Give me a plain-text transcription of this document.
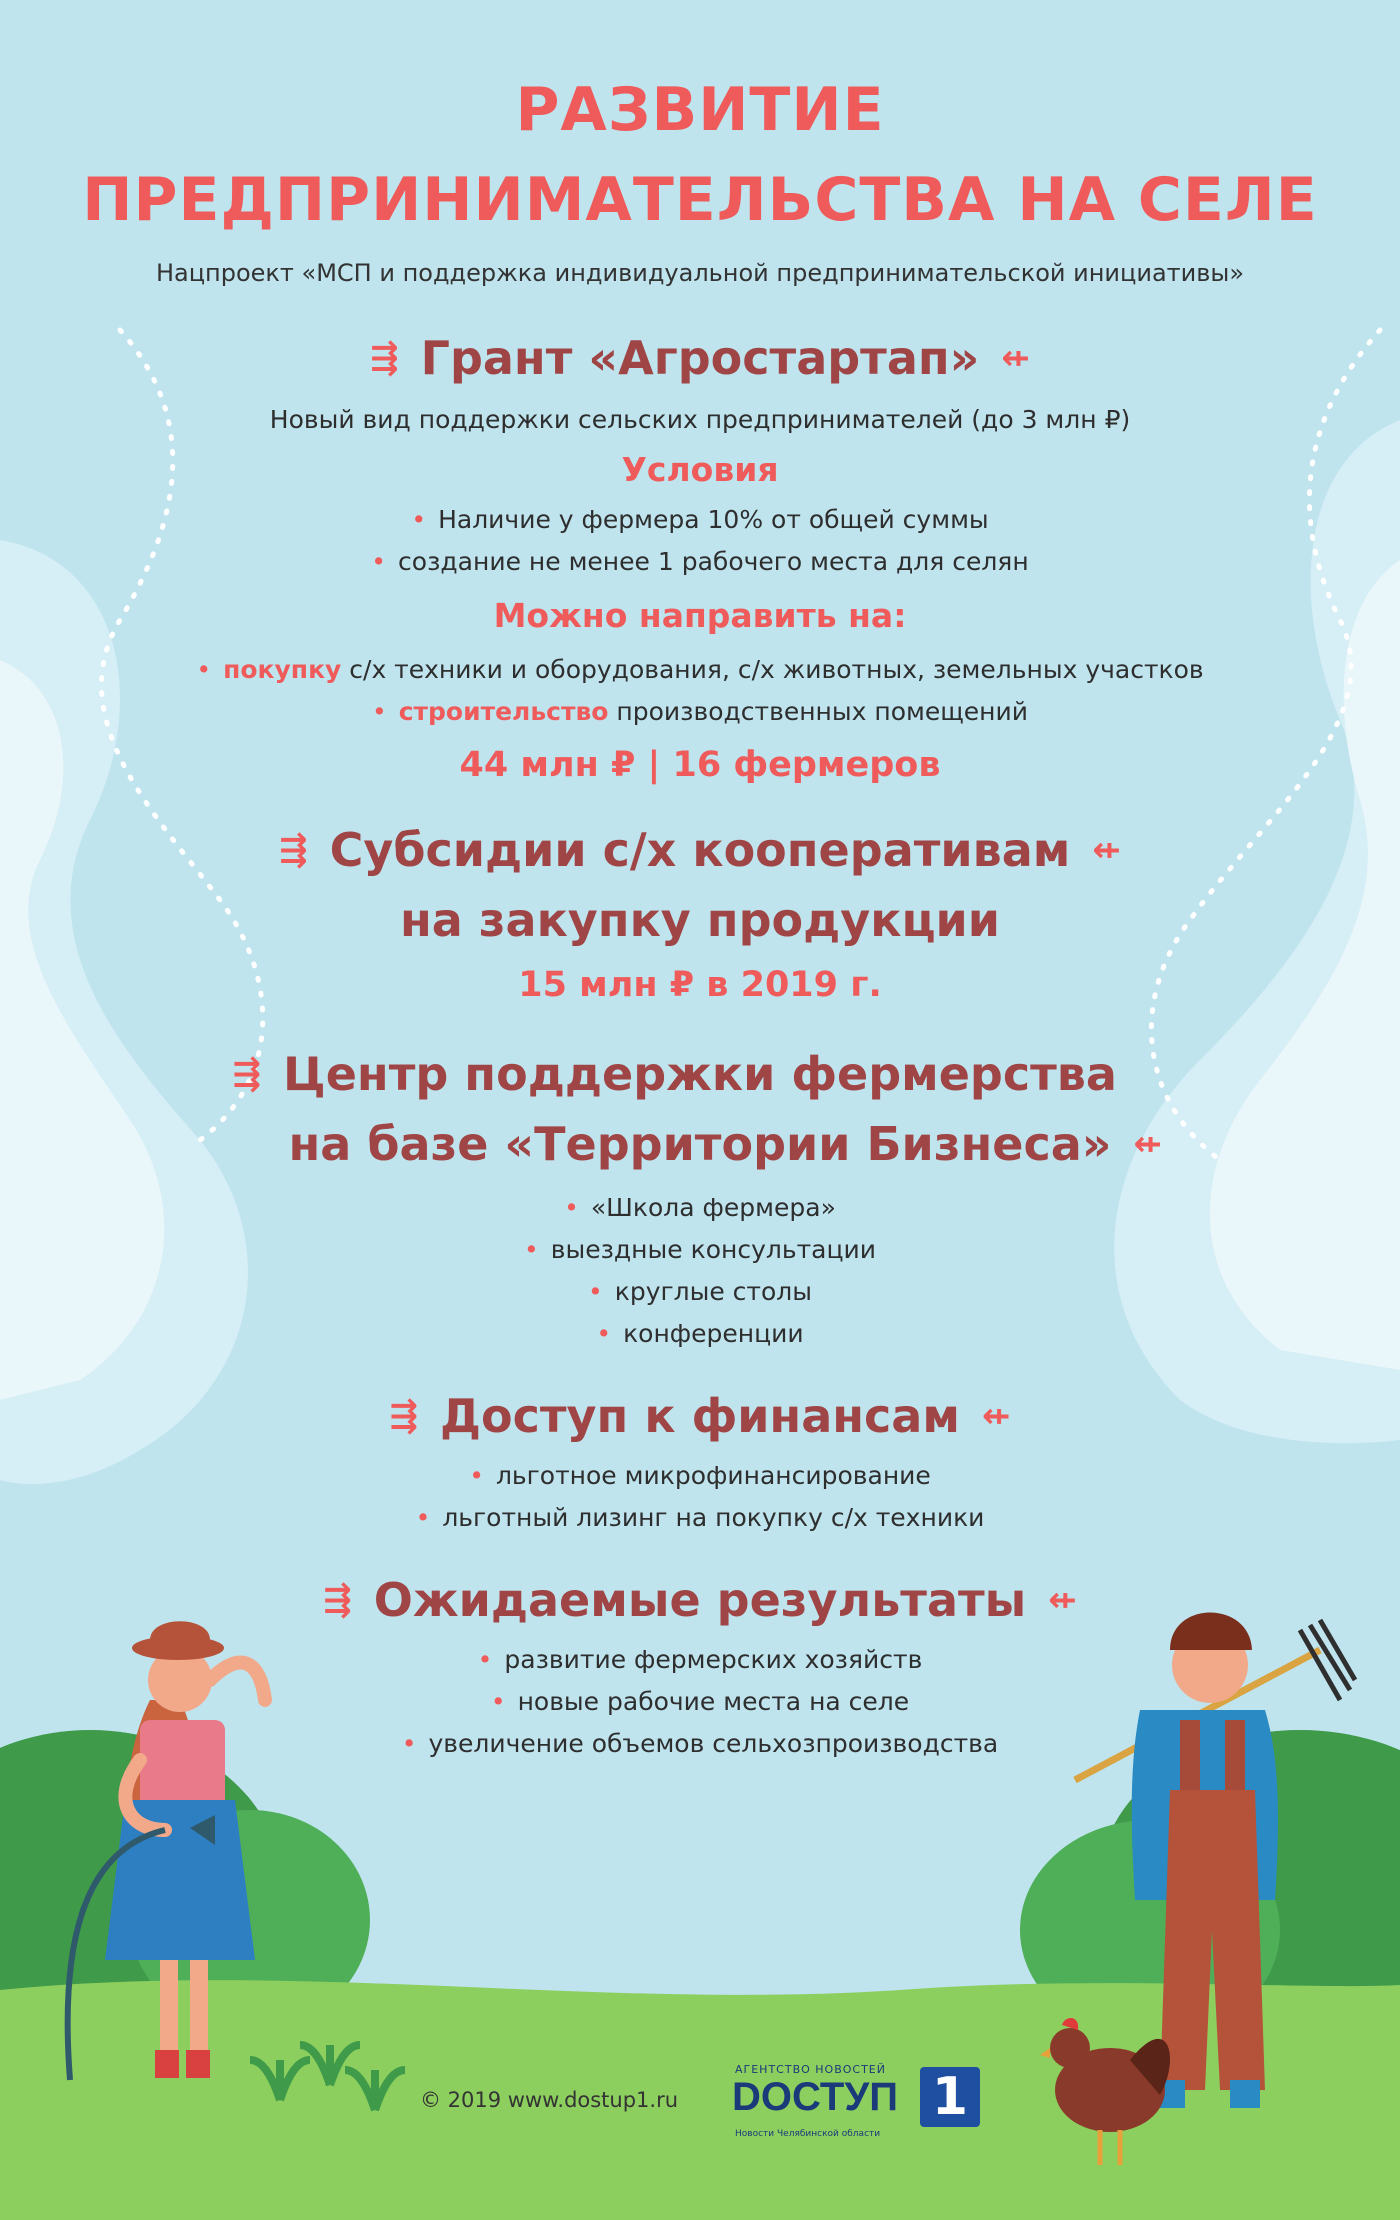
РАЗВИТИЕ
ПРЕДПРИНИМАТЕЛЬСТВА НА СЕЛЕ
Нацпроект «МСП и поддержка индивидуальной предпринимательской инициативы»
⇶ Грант «Агростартап» ⇷
Новый вид поддержки сельских предпринимателей (до 3 млн ₽)
Условия
• Наличие у фермера 10% от общей суммы
• создание не менее 1 рабочего места для селян
Можно направить на:
• покупку с/х техники и оборудования, с/х животных, земельных участков
• строительство производственных помещений
44 млн ₽ | 16 фермеров
⇶ Субсидии с/х кооперативам ⇷
на закупку продукции
15 млн ₽ в 2019 г.
⇶ Центр поддержки фермерства
на базе «Территории Бизнеса» ⇷
• «Школа фермера»
• выездные консультации
• круглые столы
• конференции
⇶ Доступ к финансам ⇷
• льготное микрофинансирование
• льготный лизинг на покупку с/х техники
⇶ Ожидаемые результаты ⇷
• развитие фермерских хозяйств
• новые рабочие места на селе
• увеличение объемов сельхозпроизводства
© 2019 www.dostup1.ru
АГЕНТСТВО НОВОСТЕЙ
DOСТУП 1
Новости Челябинской области
